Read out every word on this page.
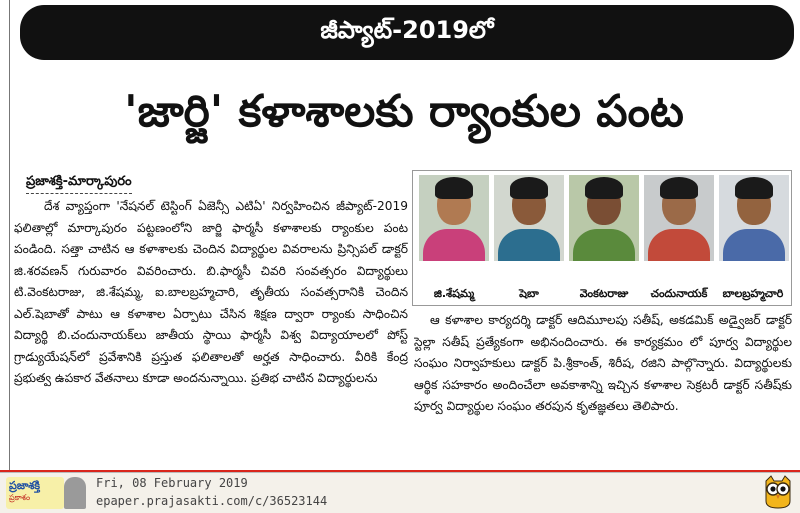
జీప్యాట్‌-2019లో
'జార్జి' కళాశాలకు ర్యాంకుల పంట
ప్రజాశక్తి-మార్కాపురం

దేశ వ్యాప్తంగా 'నేషనల్‌ టెస్టింగ్‌ ఏజెన్సీ ఎటిఏ' నిర్వహించిన జీప్యాట్‌-2019 ఫలితాల్లో మార్కాపురం పట్టణంలోని జార్జి ఫార్మసీ కళాశాలకు ర్యాంకుల పంట పండింది. సత్తా చాటిన ఆ కళాశాలకు చెందిన విద్యార్థుల వివరాలను ప్రిన్సిపల్‌ డాక్టర్‌ జి.శరవణన్‌ గురువారం వివరించారు. బి.ఫార్మసీ చివరి సంవత్సరం విద్యార్థులు టి.వెంకటరాజు, జి.శేషమ్మ, ఐ.బాలబ్రహ్మచారి, తృతీయ సంవత్సరానికి చెందిన ఎల్‌.షెబాతో పాటు ఆ కళాశాల ఏర్పాటు చేసిన శిక్షణ ద్వారా ర్యాంకు సాధించిన విద్యార్థి బి.చందునాయక్‌లు జాతీయ స్థాయి ఫార్మసీ విశ్వ విద్యాయాలలో పోస్ట్‌ గ్రాడ్యుయేషన్‌లో ప్రవేశానికి ప్రస్తుత ఫలితాలతో అర్హత సాధించారు. వీరికి కేంద్ర ప్రభుత్వ ఉపకార వేతనాలు కూడా అందనున్నాయి. ప్రతిభ చాటిన విద్యార్థులను

జి.శేషమ్మ	షెబా	వెంకటరాజు	చందునాయక్‌	బాలబ్రహ్మచారి

ఆ కళాశాల కార్యదర్శి డాక్టర్‌ ఆదిమూలపు సతీష్‌, అకడమిక్‌ అడ్వైజర్‌ డాక్టర్‌ స్టెల్లా సతీష్‌ ప్రత్యేకంగా అభినందించారు. ఈ కార్యక్రమం లో పూర్వ విద్యార్థుల సంఘం నిర్వాహకులు డాక్టర్‌ పి.శ్రీకాంత్‌, శిరీష, రజిని పాల్గొన్నారు. విద్యార్థులకు ఆర్థిక సహకారం అందించేలా అవకాశాన్ని ఇచ్చిన కళాశాల సెక్రటరీ డాక్టర్‌ సతీష్‌కు పూర్వ విద్యార్థుల సంఘం తరపున కృతజ్ఞతలు తెలిపారు.

ప్రజాశక్తి
ప్రకాశం
Fri, 08 February 2019
epaper.prajasakti.com/c/36523144
